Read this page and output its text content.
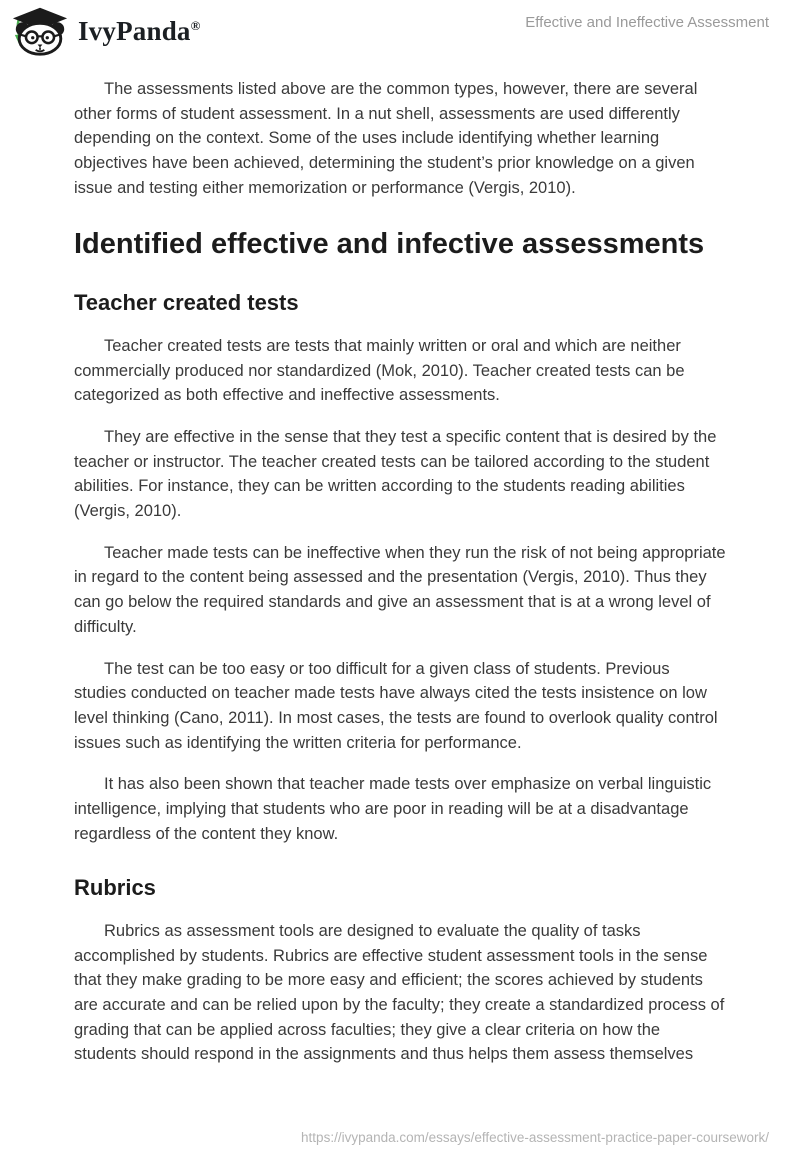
IvyPanda®	Effective and Ineffective Assessment

The assessments listed above are the common types, however, there are several other forms of student assessment. In a nut shell, assessments are used differently depending on the context. Some of the uses include identifying whether learning objectives have been achieved, determining the student’s prior knowledge on a given issue and testing either memorization or performance (Vergis, 2010).

Identified effective and infective assessments
Teacher created tests

Teacher created tests are tests that mainly written or oral and which are neither commercially produced nor standardized (Mok, 2010). Teacher created tests can be categorized as both effective and ineffective assessments.

They are effective in the sense that they test a specific content that is desired by the teacher or instructor. The teacher created tests can be tailored according to the student abilities. For instance, they can be written according to the students reading abilities (Vergis, 2010).

Teacher made tests can be ineffective when they run the risk of not being appropriate in regard to the content being assessed and the presentation (Vergis, 2010). Thus they can go below the required standards and give an assessment that is at a wrong level of difficulty.

The test can be too easy or too difficult for a given class of students. Previous studies conducted on teacher made tests have always cited the tests insistence on low level thinking (Cano, 2011). In most cases, the tests are found to overlook quality control issues such as identifying the written criteria for performance.

It has also been shown that teacher made tests over emphasize on verbal linguistic intelligence, implying that students who are poor in reading will be at a disadvantage regardless of the content they know.

Rubrics

Rubrics as assessment tools are designed to evaluate the quality of tasks accomplished by students. Rubrics are effective student assessment tools in the sense that they make grading to be more easy and efficient; the scores achieved by students are accurate and can be relied upon by the faculty; they create a standardized process of grading that can be applied across faculties; they give a clear criteria on how the students should respond in the assignments and thus helps them assess themselves

https://ivypanda.com/essays/effective-assessment-practice-paper-coursework/
